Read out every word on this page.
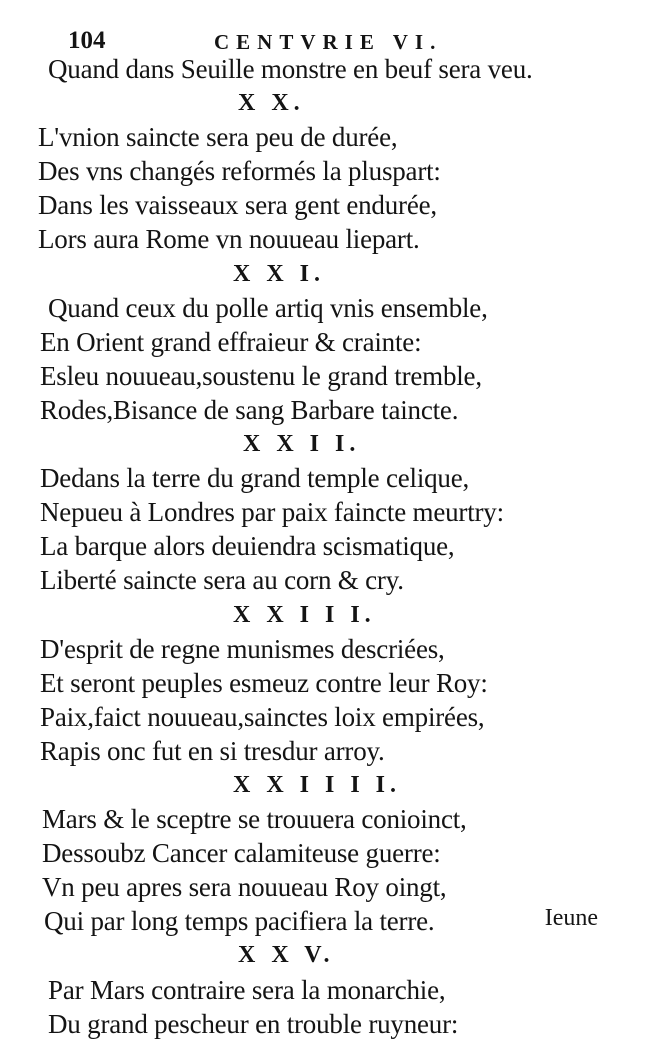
104	CENTVRIE VI.
Quand dans Seuille monstre en beuf sera veu.
X X.
L'vnion saincte sera peu de durée,
Des vns changés reformés la pluspart:
Dans les vaisseaux sera gent endurée,
Lors aura Rome vn nouueau liepart.
X X I.
Quand ceux du polle artiq vnis ensemble,
En Orient grand effraieur & crainte:
Esleu nouueau,soustenu le grand tremble,
Rodes,Bisance de sang Barbare taincte.
X X I I.
Dedans la terre du grand temple celique,
Nepueu à Londres par paix faincte meurtry:
La barque alors deuiendra scismatique,
Liberté saincte sera au corn & cry.
X X I I I.
D'esprit de regne munismes descriées,
Et seront peuples esmeuz contre leur Roy:
Paix,faict nouueau,sainctes loix empirées,
Rapis onc fut en si tresdur arroy.
X X I I I I.
Mars & le sceptre se trouuera conioinct,
Dessoubz Cancer calamiteuse guerre:
Vn peu apres sera nouueau Roy oingt,
Qui par long temps pacifiera la terre.
X X V.
Par Mars contraire sera la monarchie,
Du grand pescheur en trouble ruyneur:
Ieune
